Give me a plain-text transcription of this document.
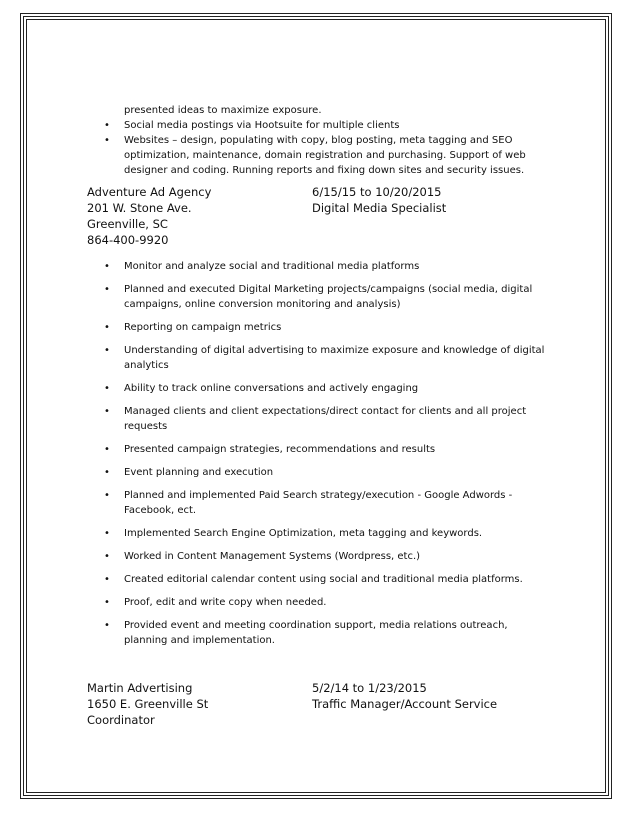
presented ideas to maximize exposure.
• Social media postings via Hootsuite for multiple clients
• Websites – design, populating with copy, blog posting, meta tagging and SEO optimization, maintenance, domain registration and purchasing. Support of web designer and coding. Running reports and fixing down sites and security issues.
Adventure Ad Agency
201 W. Stone Ave.
Greenville, SC
864-400-9920
6/15/15 to 10/20/2015
Digital Media Specialist
• Monitor and analyze social and traditional media platforms
• Planned and executed Digital Marketing projects/campaigns (social media, digital campaigns, online conversion monitoring and analysis)
• Reporting on campaign metrics
• Understanding of digital advertising to maximize exposure and knowledge of digital analytics
• Ability to track online conversations and actively engaging
• Managed clients and client expectations/direct contact for clients and all project requests
• Presented campaign strategies, recommendations and results
• Event planning and execution
• Planned and implemented Paid Search strategy/execution - Google Adwords -Facebook, ect.
• Implemented Search Engine Optimization, meta tagging and keywords.
• Worked in Content Management Systems (Wordpress, etc.)
• Created editorial calendar content using social and traditional media platforms.
• Proof, edit and write copy when needed.
• Provided event and meeting coordination support, media relations outreach, planning and implementation.
Martin Advertising
1650 E. Greenville St
Coordinator
5/2/14 to 1/23/2015
Traffic Manager/Account Service
